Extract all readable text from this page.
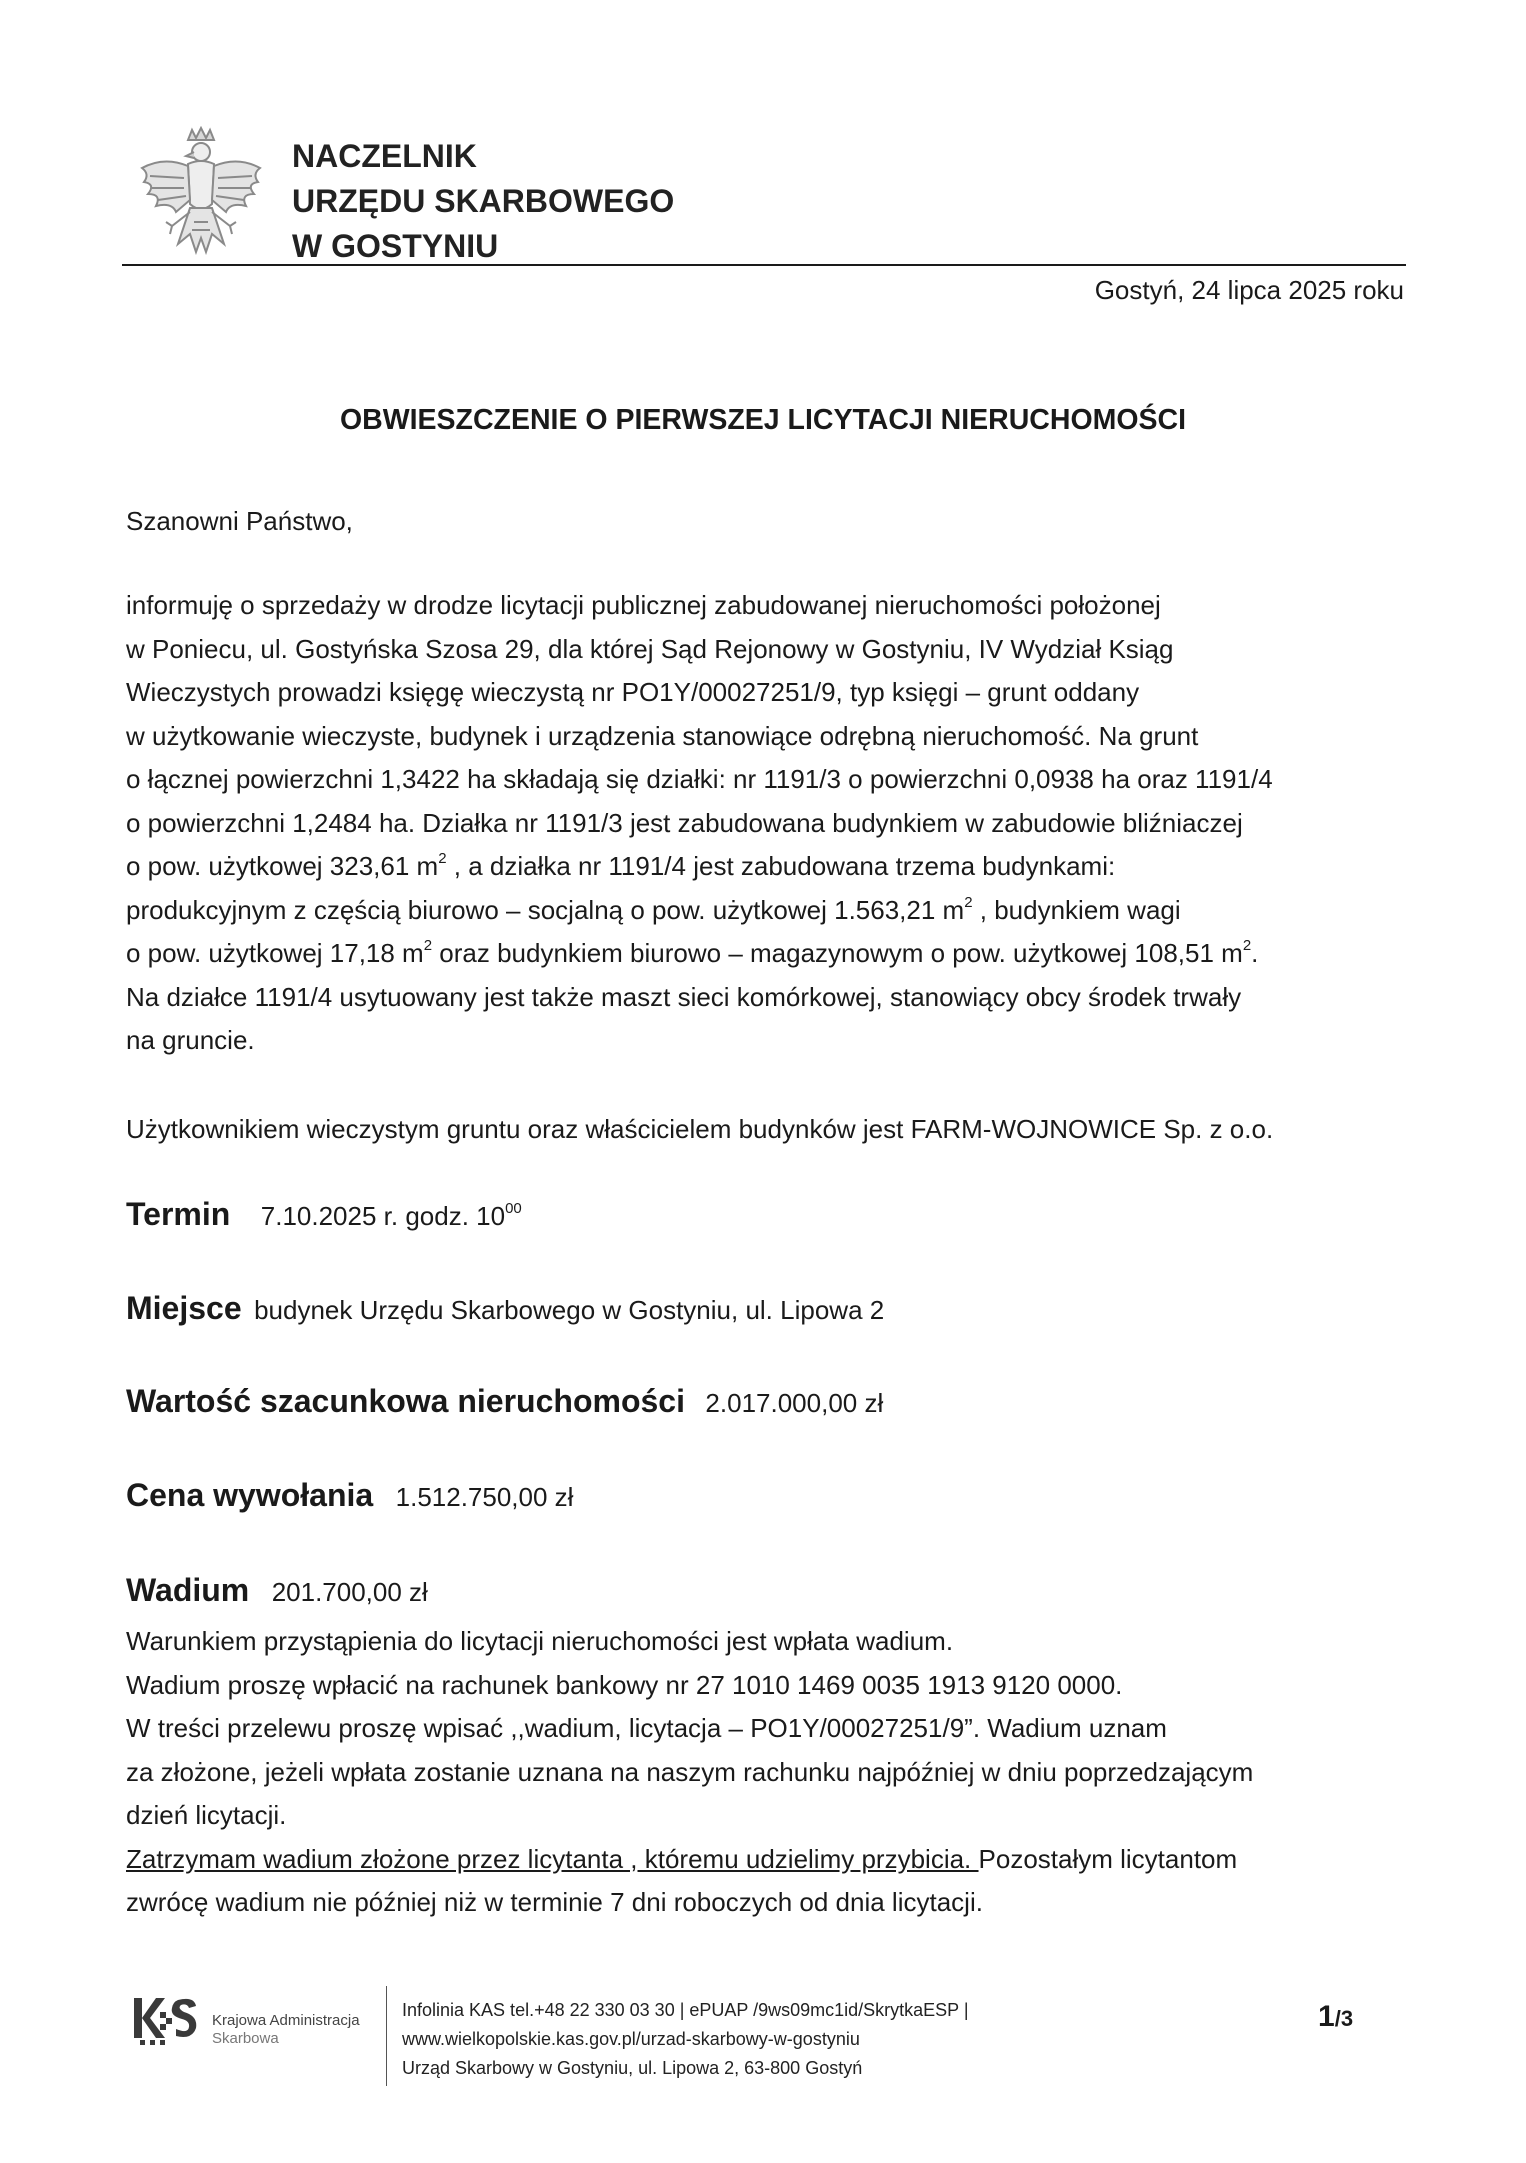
NACZELNIK
URZĘDU SKARBOWEGO
W GOSTYNIU
Gostyń, 24 lipca 2025 roku
OBWIESZCZENIE O PIERWSZEJ LICYTACJI NIERUCHOMOŚCI
Szanowni Państwo,
informuję o sprzedaży w drodze licytacji publicznej zabudowanej nieruchomości położonej
w Poniecu, ul. Gostyńska Szosa 29, dla której Sąd Rejonowy w Gostyniu, IV Wydział Ksiąg
Wieczystych prowadzi księgę wieczystą nr PO1Y/00027251/9, typ księgi – grunt oddany
w użytkowanie wieczyste, budynek i urządzenia stanowiące odrębną nieruchomość. Na grunt
o łącznej powierzchni 1,3422 ha składają się działki: nr 1191/3 o powierzchni 0,0938 ha oraz 1191/4
o powierzchni 1,2484 ha. Działka nr 1191/3 jest zabudowana budynkiem w zabudowie bliźniaczej
o pow. użytkowej 323,61 $m^2$ , a działka nr 1191/4 jest zabudowana trzema budynkami:
produkcyjnym z częścią biurowo – socjalną o pow. użytkowej 1.563,21 $m^2$ , budynkiem wagi
o pow. użytkowej 17,18 $m^2$ oraz budynkiem biurowo – magazynowym o pow. użytkowej 108,51 $m^2$.
Na działce 1191/4 usytuowany jest także maszt sieci komórkowej, stanowiący obcy środek trwały
na gruncie.
Użytkownikiem wieczystym gruntu oraz właścicielem budynków jest FARM-WOJNOWICE Sp. z o.o.
Termin 7.10.2025 r. godz. $10^{00}$
Miejsce budynek Urzędu Skarbowego w Gostyniu, ul. Lipowa 2
Wartość szacunkowa nieruchomości 2.017.000,00 zł
Cena wywołania 1.512.750,00 zł
Wadium 201.700,00 zł
Warunkiem przystąpienia do licytacji nieruchomości jest wpłata wadium.
Wadium proszę wpłacić na rachunek bankowy nr 27 1010 1469 0035 1913 9120 0000.
W treści przelewu proszę wpisać ,,wadium, licytacja – PO1Y/00027251/9”. Wadium uznam
za złożone, jeżeli wpłata zostanie uznana na naszym rachunku najpóźniej w dniu poprzedzającym
dzień licytacji.
Zatrzymam wadium złożone przez licytanta , któremu udzielimy przybicia. Pozostałym licytantom
zwrócę wadium nie później niż w terminie 7 dni roboczych od dnia licytacji.
Krajowa Administracja
Skarbowa
Infolinia KAS tel.+48 22 330 03 30 | ePUAP /9ws09mc1id/SkrytkaESP |
www.wielkopolskie.kas.gov.pl/urzad-skarbowy-w-gostyniu
Urząd Skarbowy w Gostyniu, ul. Lipowa 2, 63-800 Gostyń
1/3
